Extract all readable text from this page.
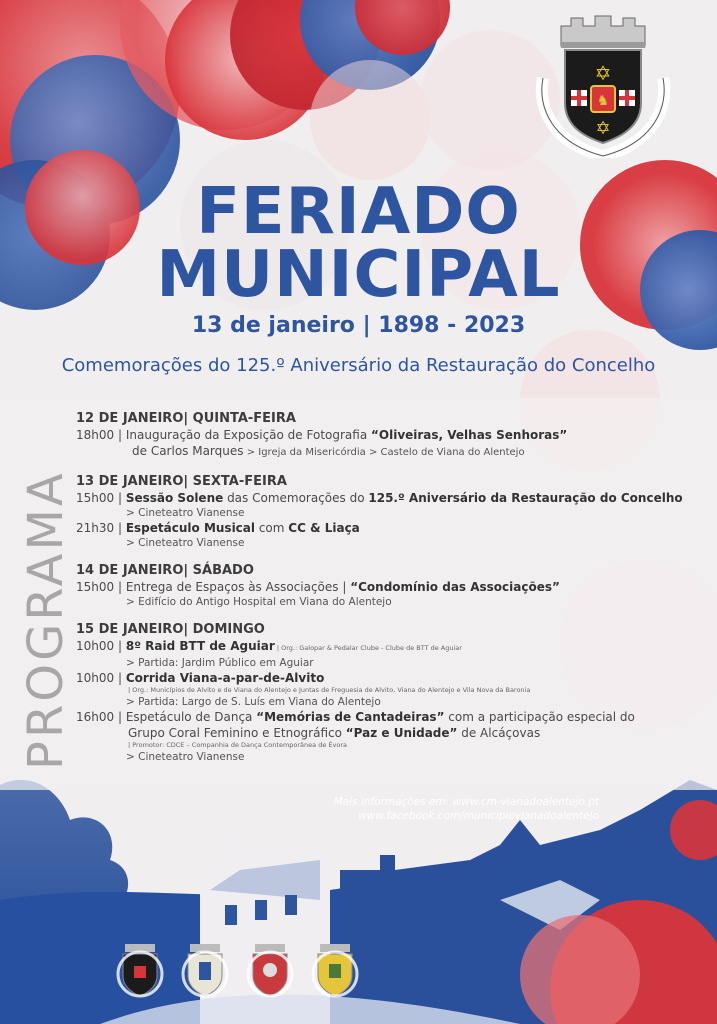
✡
✡
♞
FERIADO
MUNICIPAL
13 de janeiro | 1898 - 2023
Comemorações do 125.º Aniversário da Restauração do Concelho
PROGRAMA
12 DE JANEIRO| QUINTA-FEIRA
18h00 | Inauguração da Exposição de Fotografia “Oliveiras, Velhas Senhoras”
de Carlos Marques > Igreja da Misericórdia > Castelo de Viana do Alentejo
13 DE JANEIRO| SEXTA-FEIRA
15h00 | Sessão Solene das Comemorações do 125.º Aniversário da Restauração do Concelho
> Cineteatro Vianense
21h30 | Espetáculo Musical com CC & Liaça
> Cineteatro Vianense
14 DE JANEIRO| SÁBADO
15h00 | Entrega de Espaços às Associações | “Condomínio das Associações”
> Edifício do Antigo Hospital em Viana do Alentejo
15 DE JANEIRO| DOMINGO
10h00 | 8º Raid BTT de Aguiar | Org.: Galopar & Pedalar Clube - Clube de BTT de Aguiar
> Partida: Jardim Público em Aguiar
10h00 | Corrida Viana-a-par-de-Alvito
| Org.: Municípios de Alvito e de Viana do Alentejo e Juntas de Freguesia de Alvito, Viana do Alentejo e Vila Nova da Baronia
> Partida: Largo de S. Luís em Viana do Alentejo
16h00 | Espetáculo de Dança “Memórias de Cantadeiras” com a participação especial do
Grupo Coral Feminino e Etnográfico “Paz e Unidade” de Alcáçovas
| Promotor: CDCE – Companhia de Dança Contemporânea de Évora
> Cineteatro Vianense
Mais informações em: www.cm-vianadoalentejo.pt
www.facebook.com/municipiovianadoalentejo
